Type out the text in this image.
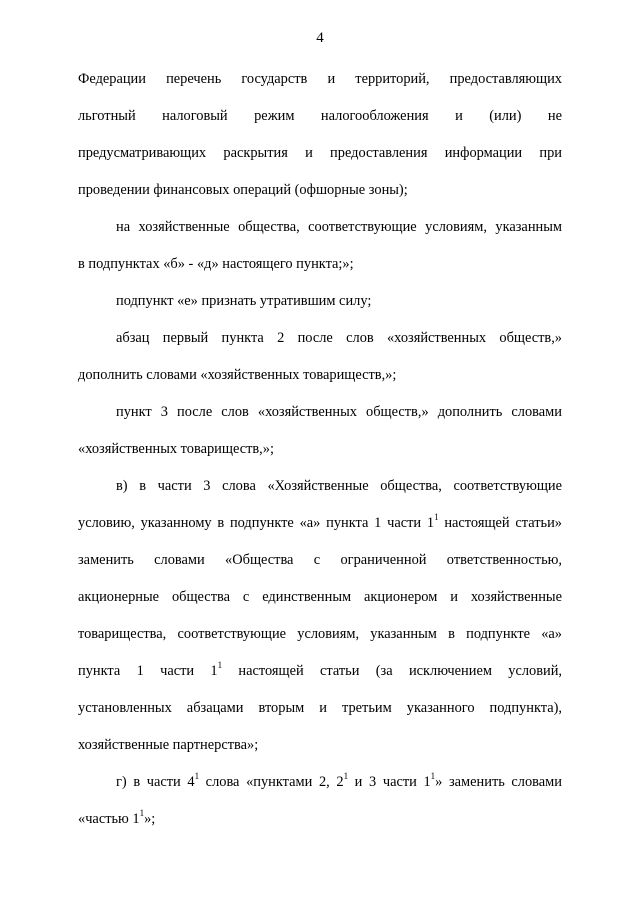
4
Федерации перечень государств и территорий, предоставляющих
льготный налоговый режим налогообложения и (или) не
предусматривающих раскрытия и предоставления информации при
проведении финансовых операций (офшорные зоны);
на хозяйственные общества, соответствующие условиям, указанным
в подпунктах «б» - «д» настоящего пункта;»;
подпункт «е» признать утратившим силу;
абзац первый пункта 2 после слов «хозяйственных обществ,»
дополнить словами «хозяйственных товариществ,»;
пункт 3 после слов «хозяйственных обществ,» дополнить словами
«хозяйственных товариществ,»;
в) в части 3 слова «Хозяйственные общества, соответствующие
условию, указанному в подпункте «а» пункта 1 части $1^1$ настоящей статьи»
заменить словами «Общества с ограниченной ответственностью,
акционерные общества с единственным акционером и хозяйственные
товарищества, соответствующие условиям, указанным в подпункте «а»
пункта 1 части $1^1$ настоящей статьи (за исключением условий,
установленных абзацами вторым и третьим указанного подпункта),
хозяйственные партнерства»;
г) в части $4^1$ слова «пунктами 2, $2^1$ и 3 части $1^1$» заменить словами
«частью $1^1$»;
